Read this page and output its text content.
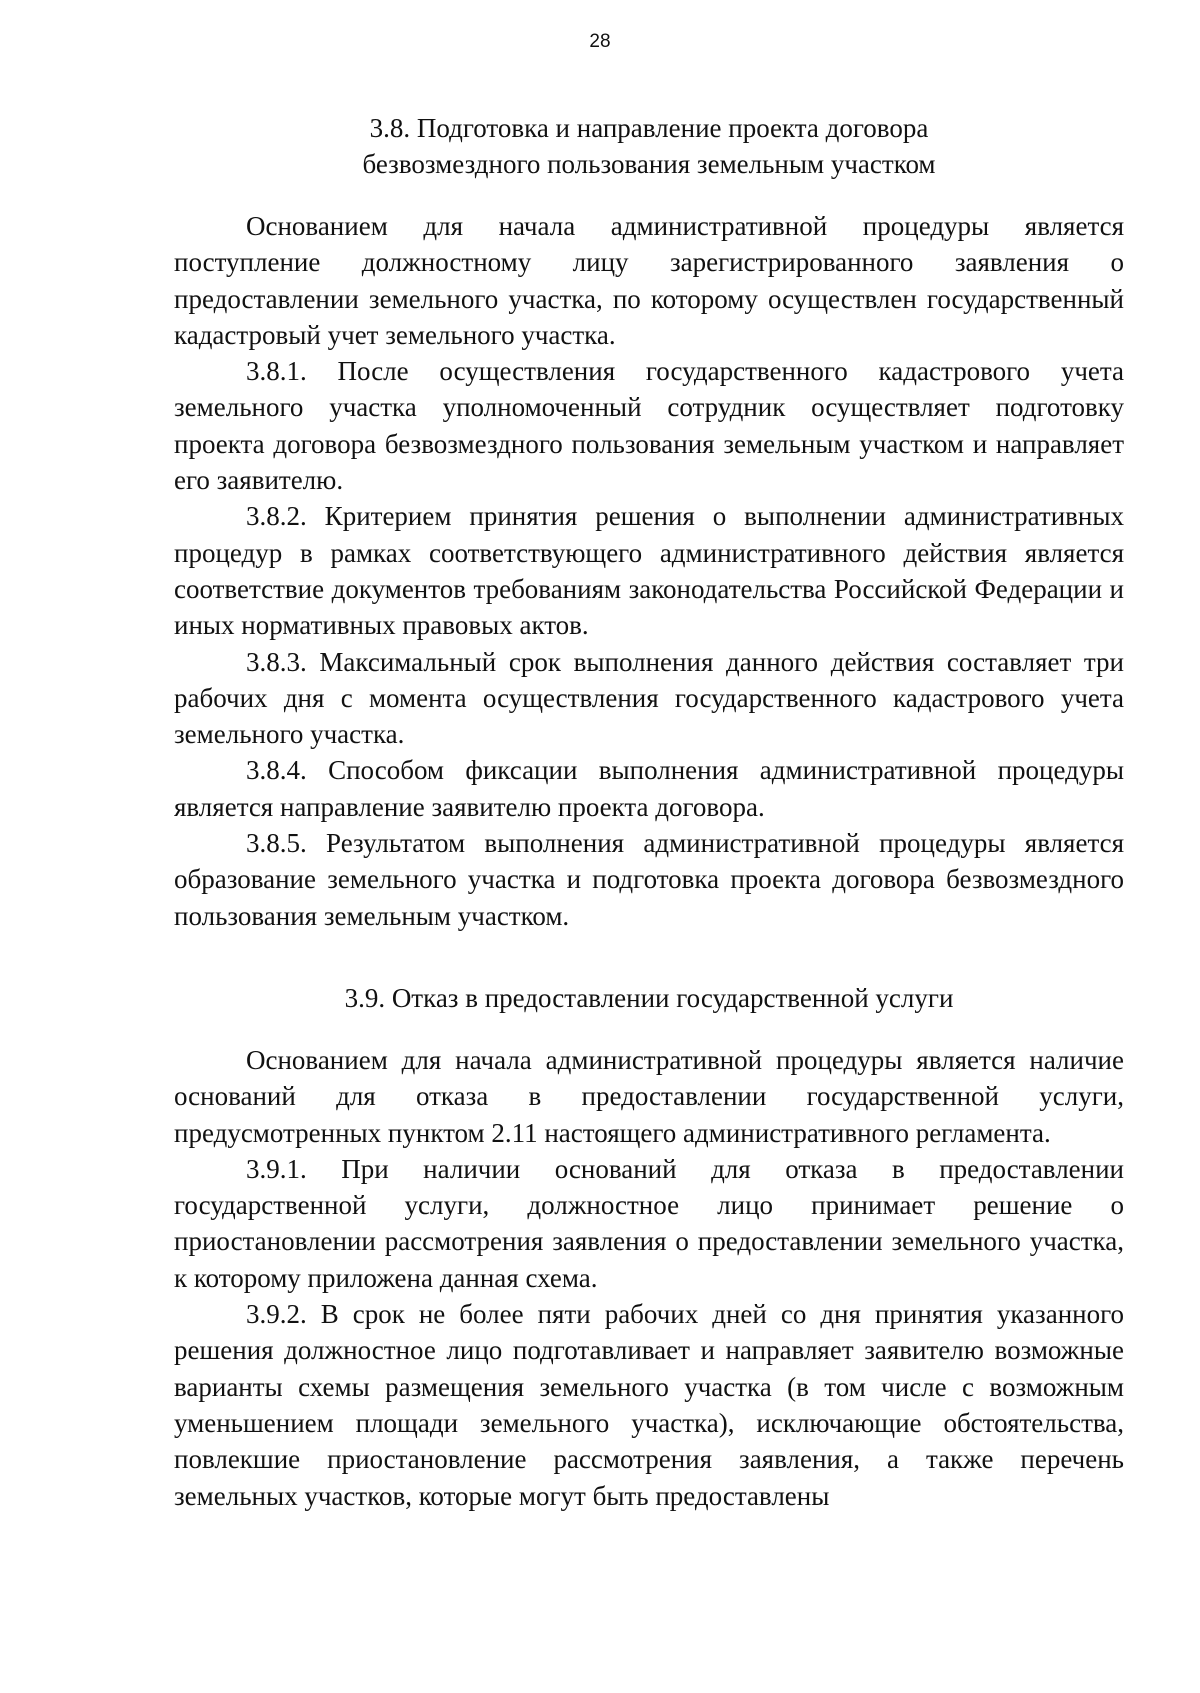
28
3.8. Подготовка и направление проекта договора
безвозмездного пользования земельным участком

Основанием для начала административной процедуры является поступление должностному лицу зарегистрированного заявления о предоставлении земельного участка, по которому осуществлен государственный кадастровый учет земельного участка.

3.8.1. После осуществления государственного кадастрового учета земельного участка уполномоченный сотрудник осуществляет подготовку проекта договора безвозмездного пользования земельным участком и направляет его заявителю.

3.8.2. Критерием принятия решения о выполнении административных процедур в рамках соответствующего административного действия является соответствие документов требованиям законодательства Российской Федерации и иных нормативных правовых актов.

3.8.3. Максимальный срок выполнения данного действия составляет три рабочих дня с момента осуществления государственного кадастрового учета земельного участка.

3.8.4. Способом фиксации выполнения административной процедуры является направление заявителю проекта договора.

3.8.5. Результатом выполнения административной процедуры является образование земельного участка и подготовка проекта договора безвозмездного пользования земельным участком.

3.9. Отказ в предоставлении государственной услуги

Основанием для начала административной процедуры является наличие оснований для отказа в предоставлении государственной услуги, предусмотренных пунктом 2.11 настоящего административного регламента.

3.9.1. При наличии оснований для отказа в предоставлении государственной услуги, должностное лицо принимает решение о приостановлении рассмотрения заявления о предоставлении земельного участка, к которому приложена данная схема.

3.9.2. В срок не более пяти рабочих дней со дня принятия указанного решения должностное лицо подготавливает и направляет заявителю возможные варианты схемы размещения земельного участка (в том числе с возможным уменьшением площади земельного участка), исключающие обстоятельства, повлекшие приостановление рассмотрения заявления, а также перечень земельных участков, которые могут быть предоставлены
